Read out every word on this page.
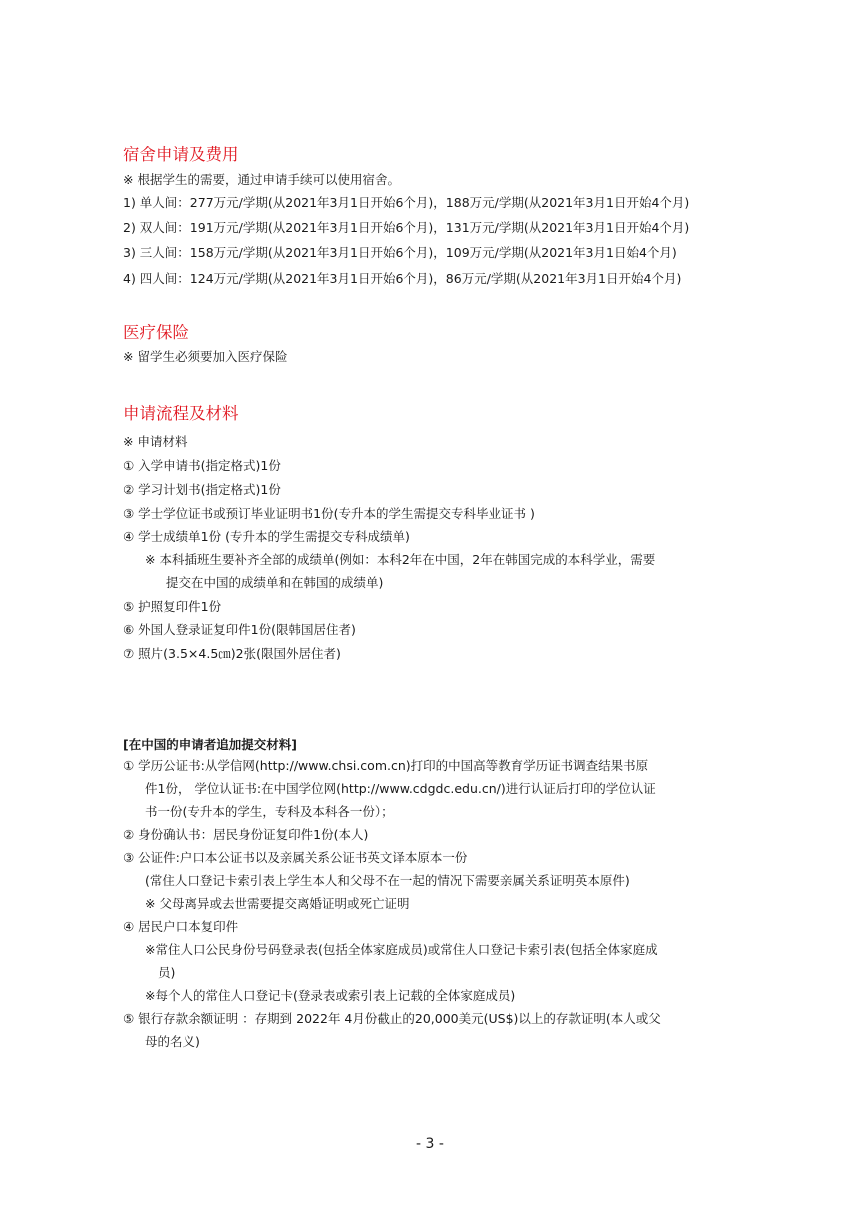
宿舍申请及费用

※ 根据学生的需要，通过申请手续可以使用宿舍。

1) 单人间：277万元/学期(从2021年3月1日开始6个月)，188万元/学期(从2021年3月1日开始4个月)

2) 双人间：191万元/学期(从2021年3月1日开始6个月)，131万元/学期(从2021年3月1日开始4个月)

3) 三人间：158万元/学期(从2021年3月1日开始6个月)，109万元/学期(从2021年3月1日始4个月)

4) 四人间：124万元/学期(从2021年3月1日开始6个月)，86万元/学期(从2021年3月1日开始4个月)

医疗保险

※ 留学生必须要加入医疗保险

申请流程及材料

※ 申请材料

① 入学申请书(指定格式)1份

② 学习计划书(指定格式)1份

③ 学士学位证书或预订毕业证明书1份(专升本的学生需提交专科毕业证书 )

④ 学士成绩单1份 (专升本的学生需提交专科成绩单)

※ 本科插班生要补齐全部的成绩单(例如：本科2年在中国，2年在韩国完成的本科学业，需要

提交在中国的成绩单和在韩国的成绩单)

⑤ 护照复印件1份

⑥ 外国人登录证复印件1份(限韩国居住者)

⑦ 照片(3.5×4.5㎝)2张(限国外居住者)

[在中国的申请者追加提交材料]

① 学历公证书:从学信网(http://www.chsi.com.cn)打印的中国高等教育学历证书调查结果书原

件1份， 学位认证书:在中国学位网(http://www.cdgdc.edu.cn/)进行认证后打印的学位认证

书一份(专升本的学生，专科及本科各一份）；

② 身份确认书：居民身份证复印件1份(本人)

③ 公证件:户口本公证书以及亲属关系公证书英文译本原本一份

(常住人口登记卡索引表上学生本人和父母不在一起的情况下需要亲属关系证明英本原件)

※ 父母离异或去世需要提交离婚证明或死亡证明

④ 居民户口本复印件

※常住人口公民身份号码登录表(包括全体家庭成员)或常住人口登记卡索引表(包括全体家庭成

员)

※每个人的常住人口登记卡(登录表或索引表上记载的全体家庭成员)

⑤ 银行存款余额证明 ：存期到 2022年 4月份截止的20,000美元(US$)以上的存款证明(本人或父

母的名义)

- 3 -
